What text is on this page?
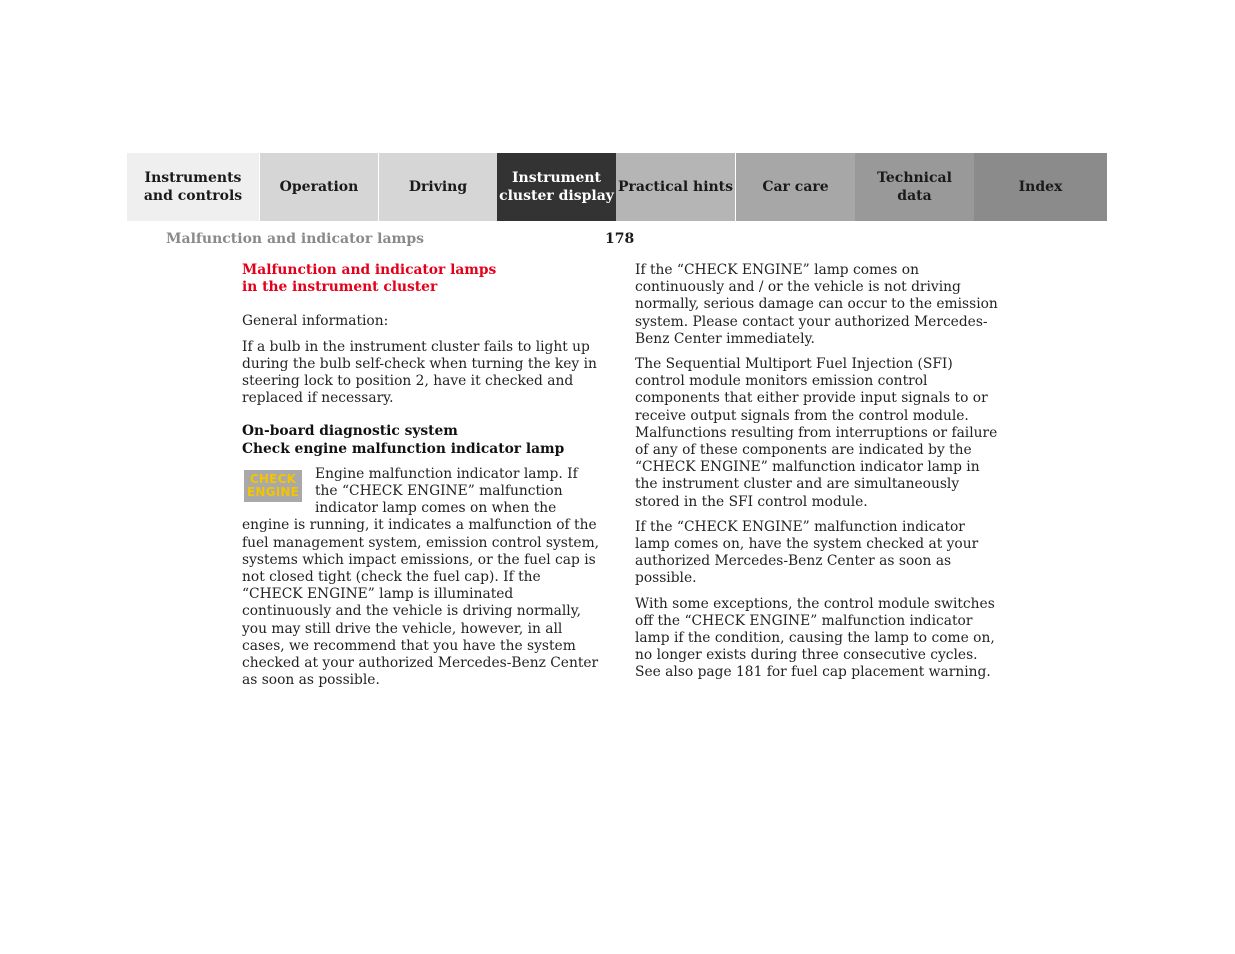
Instruments
and controls
Operation	Driving
Instrument
cluster display
Practical hints	Car care
Technical
data
Index
Malfunction and indicator lamps	178
Malfunction and indicator lamps
in the instrument cluster

General information:

If a bulb in the instrument cluster fails to light up during the bulb self-check when turning the key in steering lock to position 2, have it checked and replaced if necessary.

On-board diagnostic system
Check engine malfunction indicator lamp
CHECK
ENGINE

Engine malfunction indicator lamp. If the “CHECK ENGINE” malfunction indicator lamp comes on when the engine is running, it indicates a malfunction of the fuel management system, emission control system, systems which impact emissions, or the fuel cap is not closed tight (check the fuel cap). If the “CHECK ENGINE” lamp is illuminated continuously and the vehicle is driving normally, you may still drive the vehicle, however, in all cases, we recommend that you have the system checked at your authorized Mercedes-Benz Center as soon as possible.

If the “CHECK ENGINE” lamp comes on continuously and / or the vehicle is not driving normally, serious damage can occur to the emission system. Please contact your authorized Mercedes-Benz Center immediately.

The Sequential Multiport Fuel Injection (SFI) control module monitors emission control components that either provide input signals to or receive output signals from the control module. Malfunctions resulting from interruptions or failure of any of these components are indicated by the “CHECK ENGINE” malfunction indicator lamp in the instrument cluster and are simultaneously stored in the SFI control module.

If the “CHECK ENGINE” malfunction indicator lamp comes on, have the system checked at your authorized Mercedes-Benz Center as soon as possible.

With some exceptions, the control module switches off the “CHECK ENGINE” malfunction indicator lamp if the condition, causing the lamp to come on, no longer exists during three consecutive cycles. See also page 181 for fuel cap placement warning.
